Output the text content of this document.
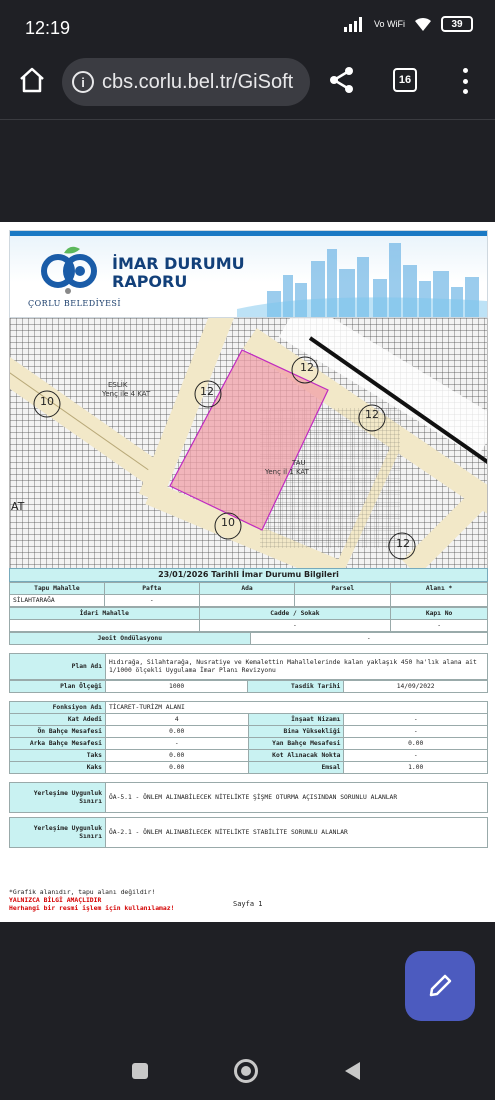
12:19	Vo WiFi	39
i cbs.corlu.bel.tr/GiSoft	16
ÇORLU BELEDİYESİ
İMAR DURUMU
RAPORU
ESLİK
Yenç ile 4 KAT
12
12
12
10
10
12
TAU
Yenç il 1 KAT
AT
23/01/2026 Tarihli İmar Durumu Bilgileri
Tapu Mahalle	Pafta	Ada	Parsel	Alanı *
SİLAHTARAĞA	-			
İdari Mahalle	Cadde / Sokak	Kapı No
	-	-
Jeoit Ondülasyonu	-
Plan Adı	Hıdırağa, Silahtarağa, Nusratiye ve Kemalettin Mahallelerinde kalan yaklaşık 450 ha'lık alana ait 1/1000 ölçekli Uygulama İmar Planı Revizyonu
Plan Ölçeği	1000	Tasdik Tarihi	14/09/2022
Fonksiyon Adı	TİCARET-TURİZM ALANI		
Kat Adedi	4	İnşaat Nizamı	-
Ön Bahçe Mesafesi	0.00	Bina Yüksekliği	-
Arka Bahçe Mesafesi	-	Yan Bahçe Mesafesi	0.00
Taks	0.00	Kot Alınacak Nokta	-
Kaks	0.00	Emsal	1.00
Yerleşime Uygunluk Sınırı	ÖA-5.1 - ÖNLEM ALINABİLECEK NİTELİKTE ŞİŞME OTURMA AÇISINDAN SORUNLU ALANLAR
Yerleşime Uygunluk Sınırı	ÖA-2.1 - ÖNLEM ALINABİLECEK NİTELİKTE STABİLİTE SORUNLU ALANLAR
*Grafik alanıdır, tapu alanı değildir!
YALNIZCA BİLGİ AMAÇLIDIR
Herhangi bir resmi işlem için kullanılamaz!	Sayfa 1
